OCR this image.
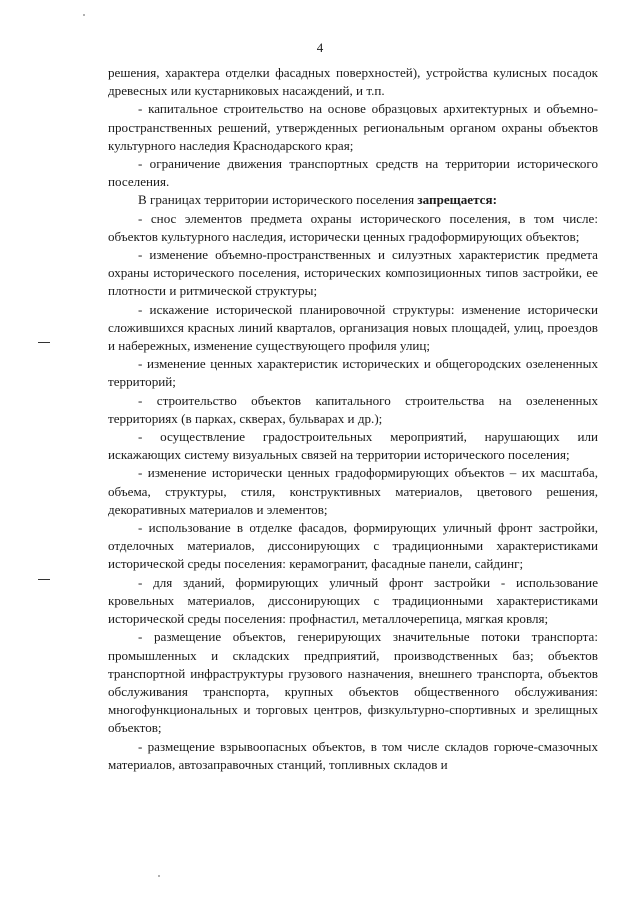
4

решения, характера отделки фасадных поверхностей), устройства кулисных посадок древесных или кустарниковых насаждений, и т.п.

- капитальное строительство на основе образцовых архитектурных и объемно-пространственных решений, утвержденных региональным органом охраны объектов культурного наследия Краснодарского края;

- ограничение движения транспортных средств на территории исторического поселения.

В границах территории исторического поселения запрещается:

- снос элементов предмета охраны исторического поселения, в том числе: объектов культурного наследия, исторически ценных градоформирующих объектов;

- изменение объемно-пространственных и силуэтных характеристик предмета охраны исторического поселения, исторических композиционных типов застройки, ее плотности и ритмической структуры;

- искажение исторической планировочной структуры: изменение исторически сложившихся красных линий кварталов, организация новых площадей, улиц, проездов и набережных, изменение существующего профиля улиц;

- изменение ценных характеристик исторических и общегородских озелененных территорий;

- строительство объектов капитального строительства на озелененных территориях (в парках, скверах, бульварах и др.);

- осуществление градостроительных мероприятий, нарушающих или искажающих систему визуальных связей на территории исторического поселения;

- изменение исторически ценных градоформирующих объектов – их масштаба, объема, структуры, стиля, конструктивных материалов, цветового решения, декоративных материалов и элементов;

- использование в отделке фасадов, формирующих уличный фронт застройки, отделочных материалов, диссонирующих с традиционными характеристиками исторической среды поселения: керамогранит, фасадные панели, сайдинг;

- для зданий, формирующих уличный фронт застройки - использование кровельных материалов, диссонирующих с традиционными характеристиками исторической среды поселения: профнастил, металлочерепица, мягкая кровля;

- размещение объектов, генерирующих значительные потоки транспорта: промышленных и складских предприятий, производственных баз; объектов транспортной инфраструктуры грузового назначения, внешнего транспорта, объектов обслуживания транспорта, крупных объектов общественного обслуживания: многофункциональных и торговых центров, физкультурно-спортивных и зрелищных объектов;

- размещение взрывоопасных объектов, в том числе складов горюче-смазочных материалов, автозаправочных станций, топливных складов и
